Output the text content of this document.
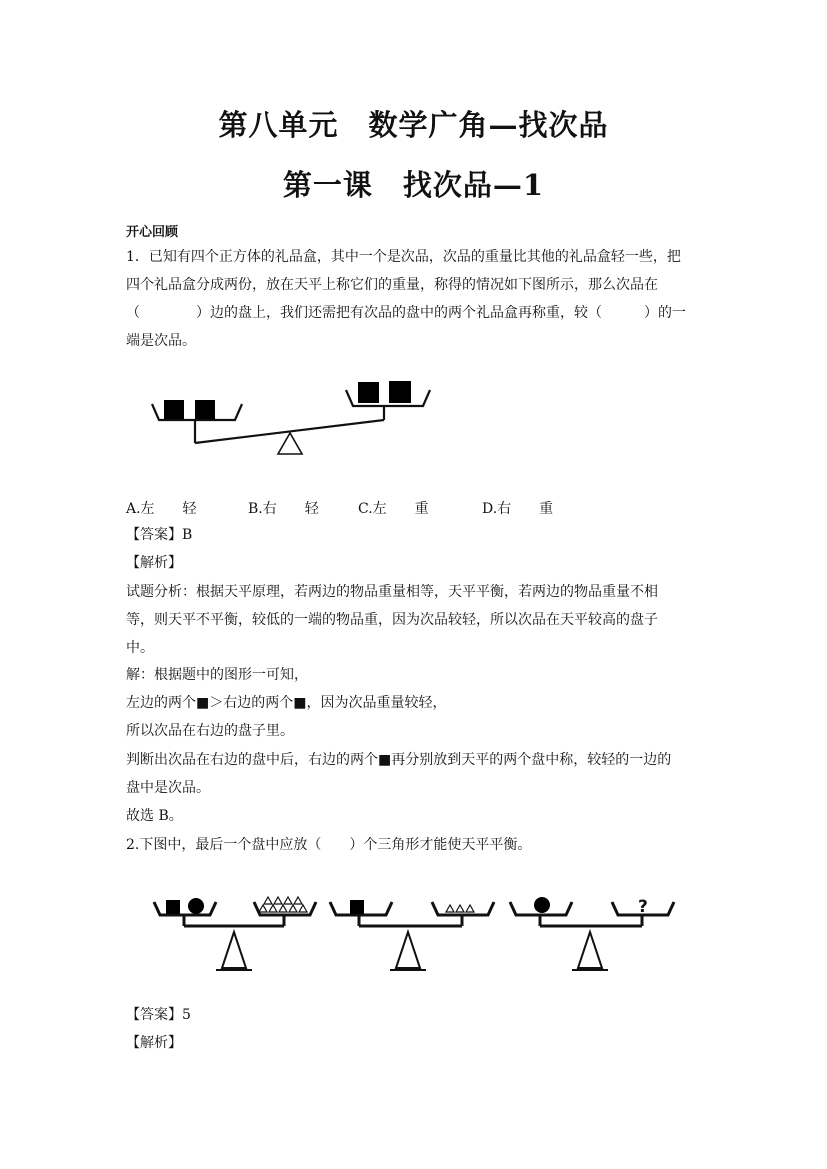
第八单元　数学广角—找次品
第一课　找次品—1
开心回顾
1．已知有四个正方体的礼品盒，其中一个是次品，次品的重量比其他的礼品盒轻一些，把
四个礼品盒分成两份，放在天平上称它们的重量，称得的情况如下图所示，那么次品在
（　　　　）边的盘上，我们还需把有次品的盘中的两个礼品盒再称重，较（　　　）的一
端是次品。
A.左　　轻	B.右　　轻	C.左　　重	D.右　　重
【答案】B
【解析】
试题分析：根据天平原理，若两边的物品重量相等，天平平衡，若两边的物品重量不相
等，则天平不平衡，较低的一端的物品重，因为次品较轻，所以次品在天平较高的盘子
中。
解：根据题中的图形一可知，
左边的两个■＞右边的两个■，因为次品重量较轻，
所以次品在右边的盘子里。
判断出次品在右边的盘中后，右边的两个■再分别放到天平的两个盘中称，较轻的一边的
盘中是次品。
故选 B。
2.下图中，最后一个盘中应放（　　）个三角形才能使天平平衡。
?
【答案】5
【解析】
